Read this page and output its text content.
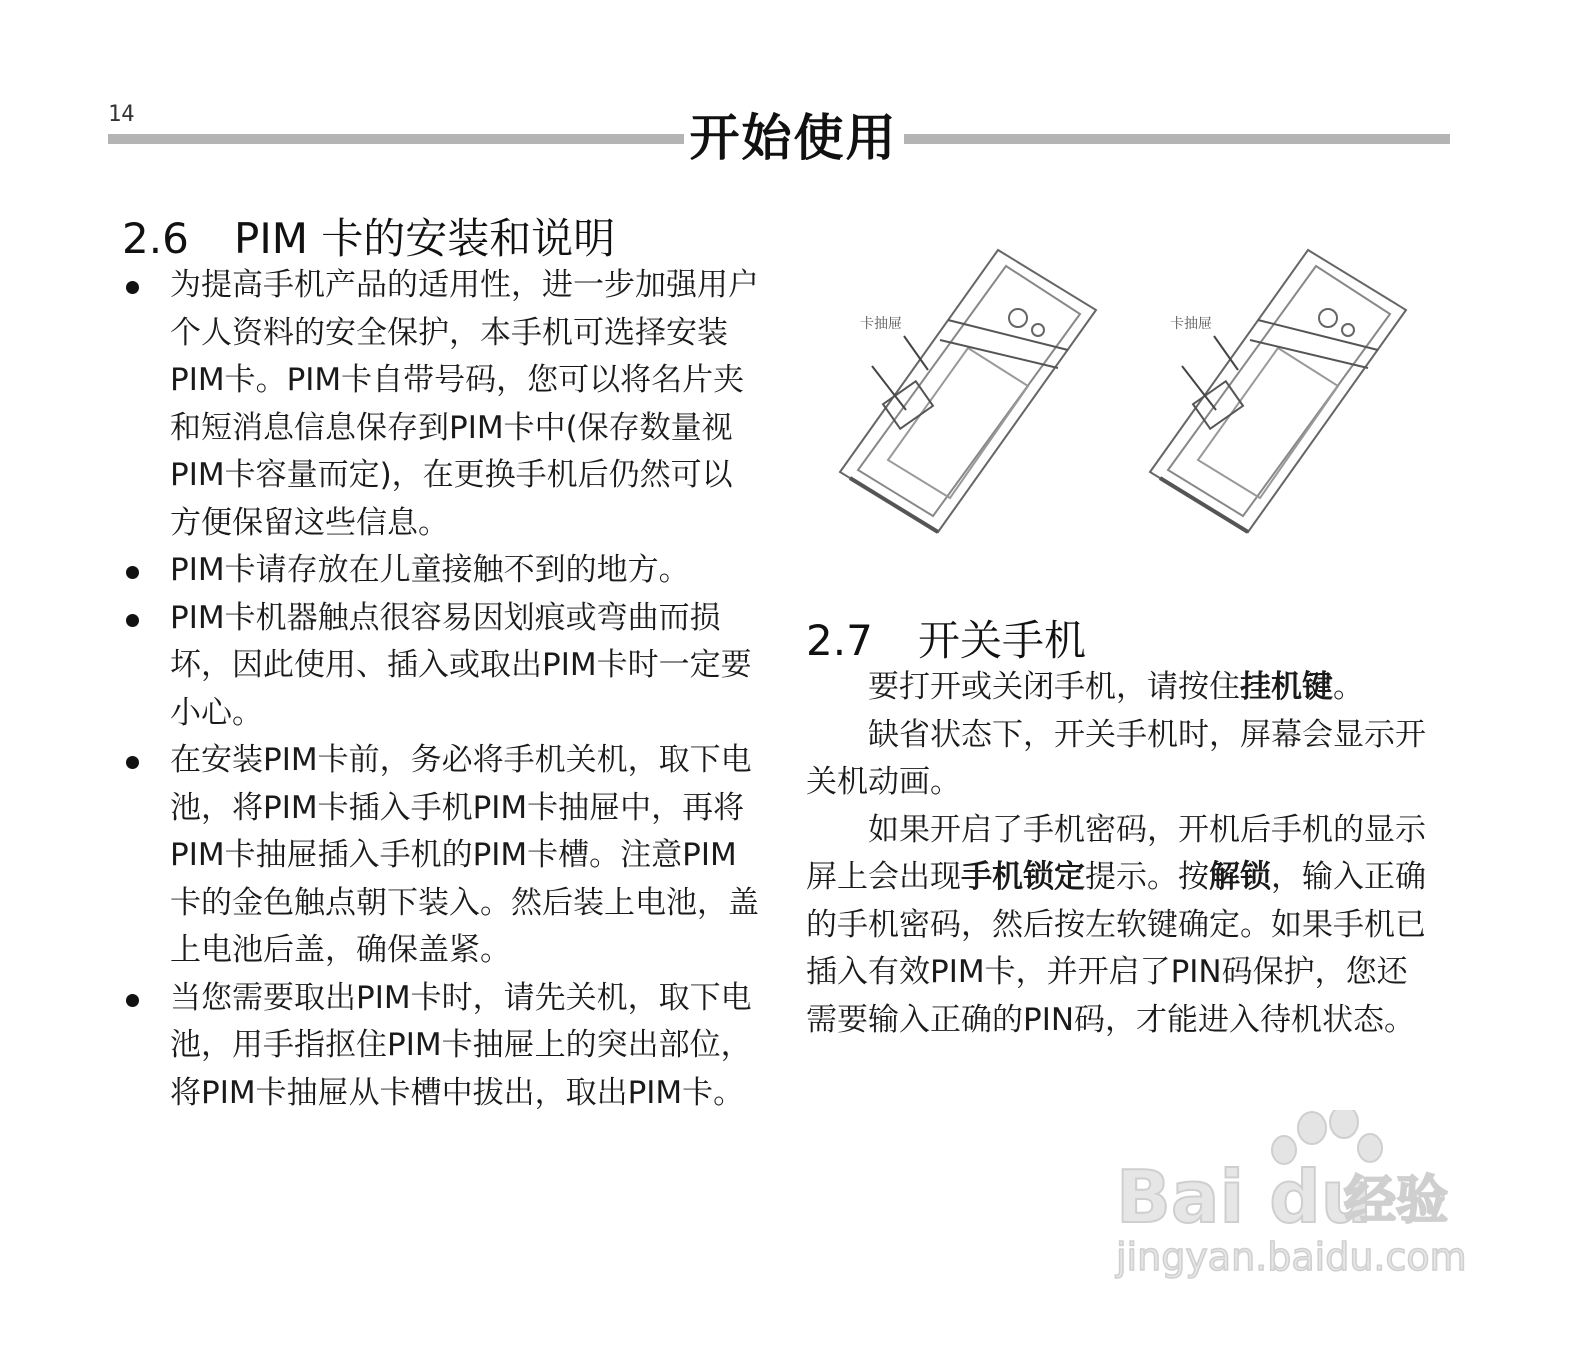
14	开始使用
2.6 PIM 卡的安装和说明
为提高手机产品的适用性，进一步加强用户个人资料的安全保护，本手机可选择安装PIM卡。PIM卡自带号码，您可以将名片夹和短消息信息保存到PIM卡中(保存数量视PIM卡容量而定)，在更换手机后仍然可以方便保留这些信息。
PIM卡请存放在儿童接触不到的地方。
PIM卡机器触点很容易因划痕或弯曲而损坏，因此使用、插入或取出PIM卡时一定要小心。
在安装PIM卡前，务必将手机关机，取下电池，将PIM卡插入手机PIM卡抽屉中，再将PIM卡抽屉插入手机的PIM卡槽。注意PIM卡的金色触点朝下装入。然后装上电池，盖上电池后盖，确保盖紧。
当您需要取出PIM卡时，请先关机，取下电池，用手指抠住PIM卡抽屉上的突出部位，将PIM卡抽屉从卡槽中拔出，取出PIM卡。
卡抽屉	卡抽屉
2.7 开关手机

要打开或关闭手机，请按住挂机键。

缺省状态下，开关手机时，屏幕会显示开关机动画。

如果开启了手机密码，开机后手机的显示屏上会出现手机锁定提示。按解锁，输入正确的手机密码，然后按左软键确定。如果手机已插入有效PIM卡，并开启了PIN码保护，您还需要输入正确的PIN码，才能进入待机状态。

Bai du
经验
jingyan.baidu.com
